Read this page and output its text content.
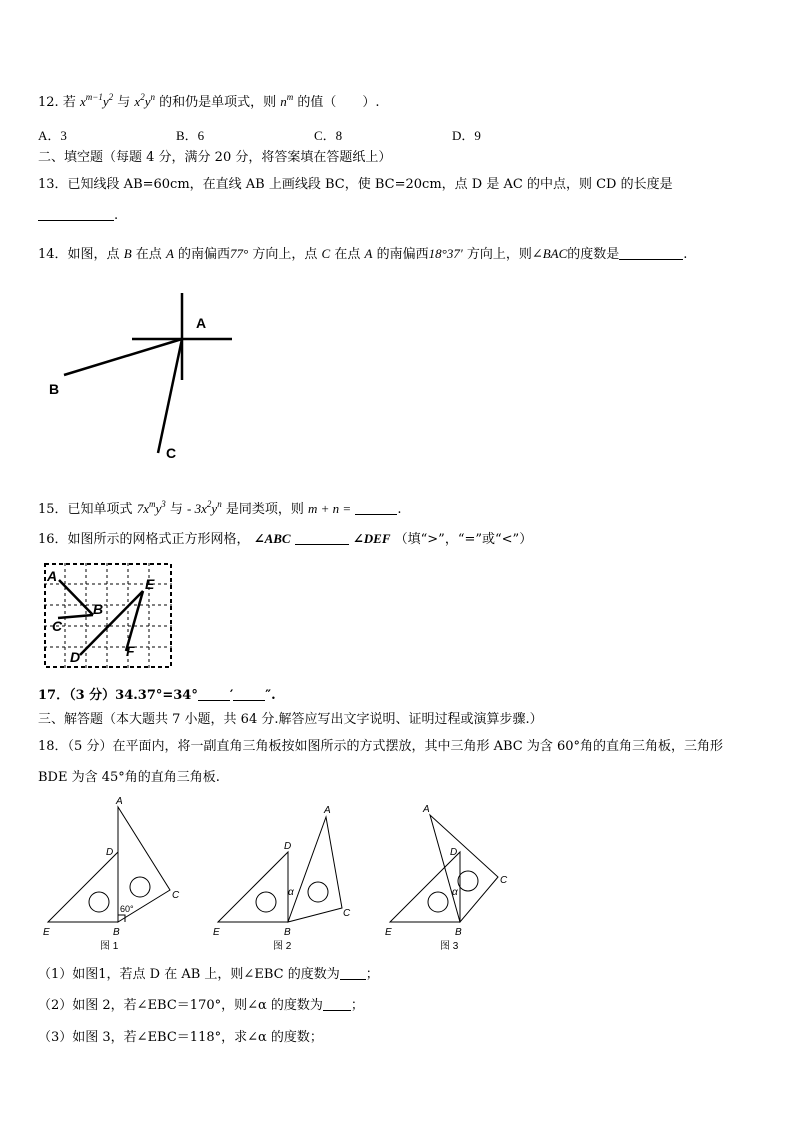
12. 若 $x^{m-1}y^2$ 与 $x^2y^n$ 的和仍是单项式，则 $n^m$ 的值（　　）.
A．3	B．6	C．8	D．9
二、填空题（每题 4 分，满分 20 分，将答案填在答题纸上）
13．已知线段 AB=60cm，在直线 AB 上画线段 BC，使 BC=20cm，点 D 是 AC 的中点，则 CD 的长度是
.
14．如图，点 B 在点 A 的南偏西77° 方向上，点 C 在点 A 的南偏西18°37′ 方向上，则∠BAC的度数是	.
A
B
C
15．已知单项式 $7x^my^3$ 与 - $3x^2y^n$ 是同类项，则 m + n =	.
16．如图所示的网格式正方形网格， ∠ABC	∠DEF （填“>”，“=”或“<”）
A
B
C
D
E
F
17．（3 分）34.37°=34° ′ ″.
三、解答题（本大题共 7 小题，共 64 分.解答应写出文字说明、证明过程或演算步骤.）
18．（5 分）在平面内，将一副直角三角板按如图所示的方式摆放，其中三角形 ABC 为含 60°角的直角三角板，三角形
BDE 为含 45°角的直角三角板.
A
D
C
E	B
60°
A
D
C
E	B
α
A
D
C
E	B
α
图 1	图 2	图 3
（1）如图1，若点 D 在 AB 上，则∠EBC 的度数为 ；
（2）如图 2，若∠EBC＝170°，则∠α 的度数为 ；
（3）如图 3，若∠EBC＝118°，求∠α 的度数；
